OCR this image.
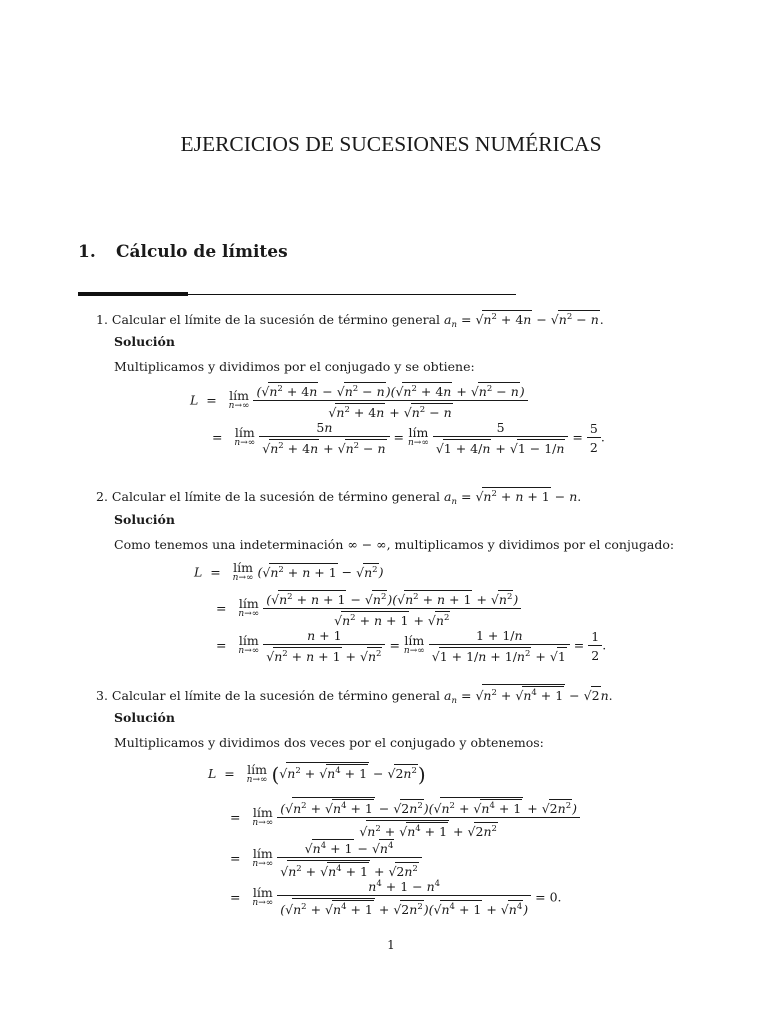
EJERCICIOS DE SUCESIONES NUMÉRICAS
1. Cálculo de límites
1. Calcular el límite de la sucesión de término general $a_n = √n^2 + 4n - √n^2 - n$.
Solución
Multiplicamos y dividimos por el conjugado y se obtiene:
L  = lím
n→∞
$\frac{(√n^2 + 4n - √n^2 - n)(√n^2 + 4n + √n^2 - n)}{√n^2 + 4n + √n^2 - n}$
= lím
n→∞
$\frac{5n}{√n^2 + 4n + √n^2 - n}$ = lím
n→∞
$\frac{5}{√1 + 4/n + √1 - 1/n} = \frac{5}{2}$ .
2. Calcular el límite de la sucesión de término general $a_n = √n^2 + n + 1 - n$.
Solución
Como tenemos una indeterminación ∞ − ∞, multiplicamos y dividimos por el conjugado:
L  = lím
n→∞ $(√n^2 + n + 1 - √n^2)$
= lím
n→∞
$\frac{(√n^2 + n + 1 - √n^2)(√n^2 + n + 1 + √n^2)}{√n^2 + n + 1 + √n^2}$
= lím
n→∞
$\frac{n + 1}{√n^2 + n + 1 + √n^2}$ = lím
n→∞
$\frac{1 + 1/n}{√1 + 1/n + 1/n^2 + √1} = \frac{1}{2}$ .
3. Calcular el límite de la sucesión de término general $a_n = √n^2 + √n^4 + 1 - √2n$.
Solución
Multiplicamos y dividimos dos veces por el conjugado y obtenemos:
L  = lím
n→∞ $(√n^2 + √n^4 + 1 - √2n^2)$
= lím
n→∞
$\frac{(√n^2 + √n^4 + 1 - √2n^2)(√n^2 + √n^4 + 1 + √2n^2)}{√n^2 + √n^4 + 1 + √2n^2}$
= lím
n→∞
$\frac{√n^4 + 1 - √n^4}{√n^2 + √n^4 + 1 + √2n^2}$
= lím
n→∞
$\frac{n^4 + 1 - n^4}{(√n^2 + √n^4 + 1 + √2n^2)(√n^4 + 1 + √n^4)} = 0$.
1
